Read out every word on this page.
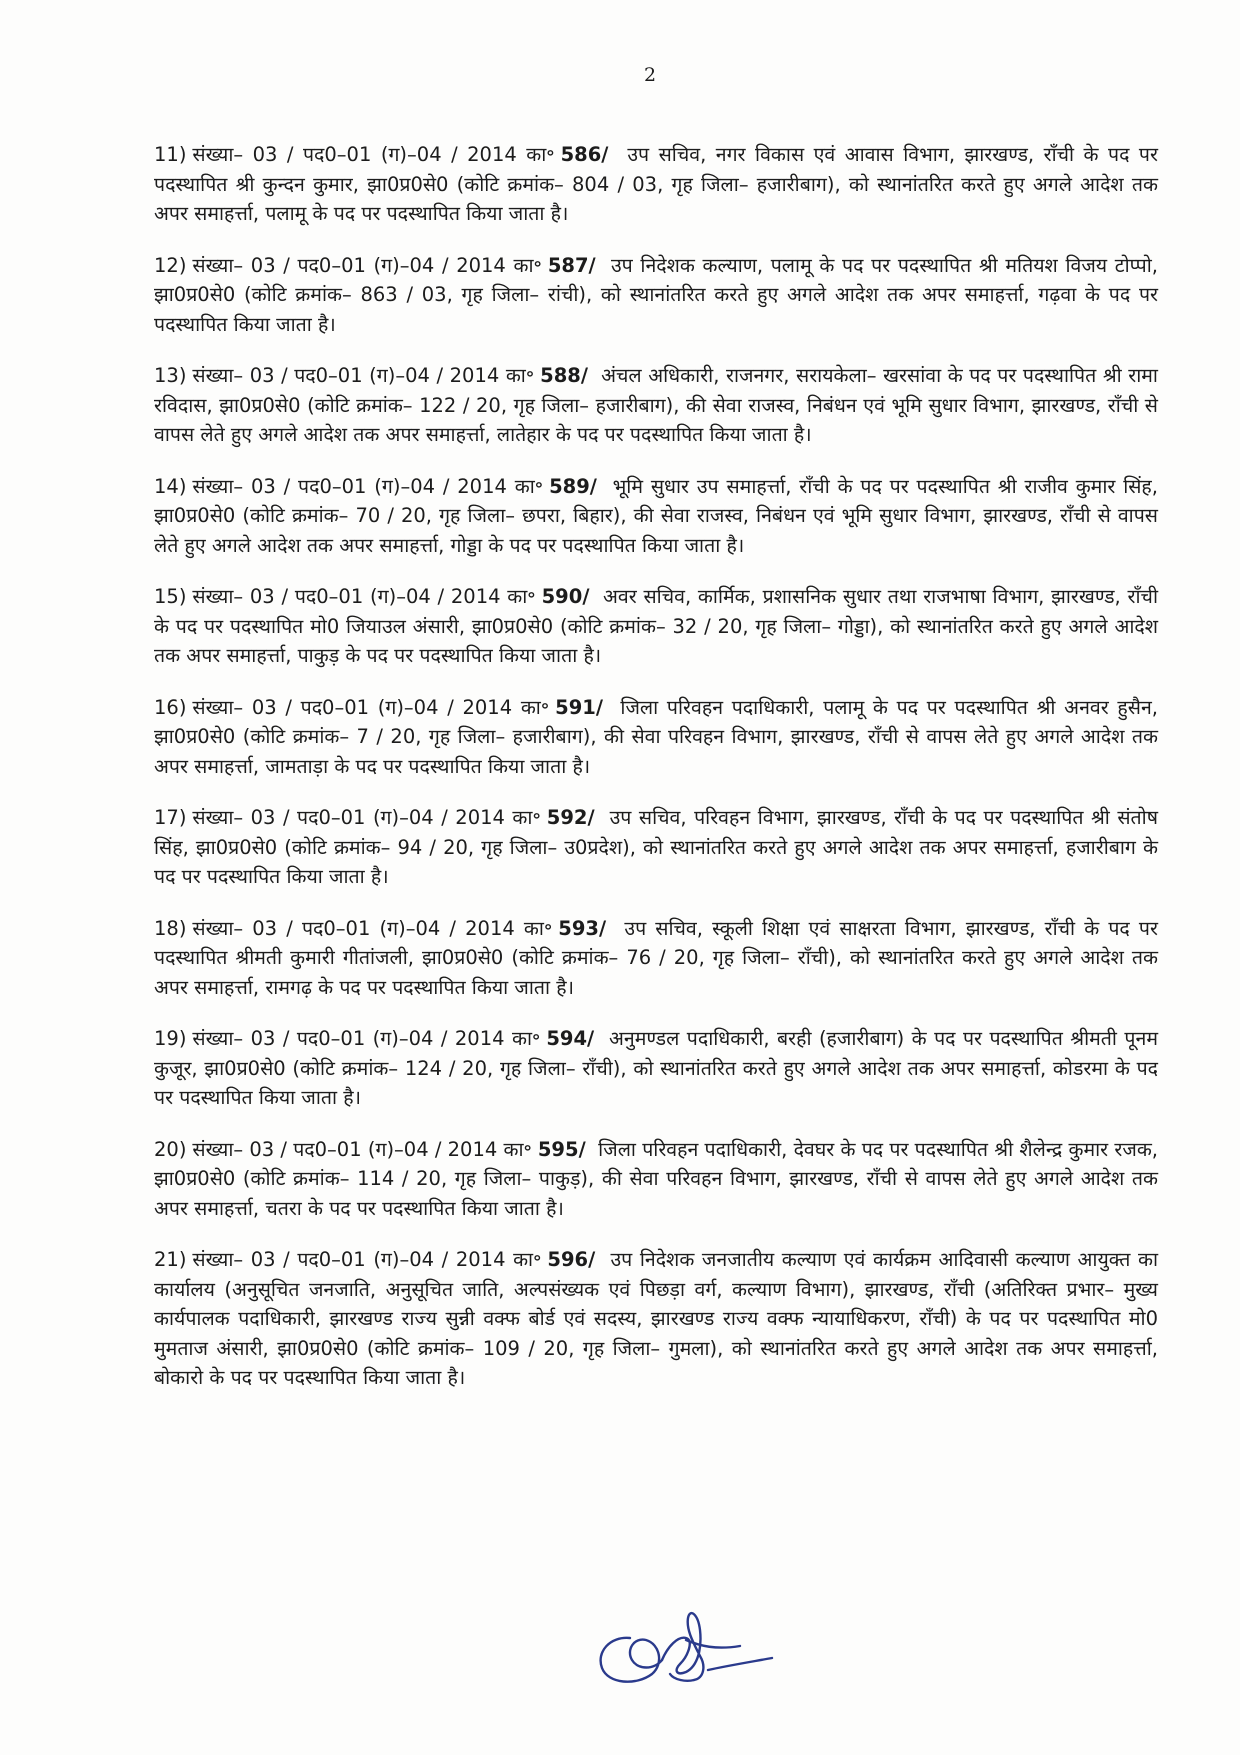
2

11) संख्या– 03 / पद0–01 (ग)–04 / 2014 का॰ 586/ उप सचिव, नगर विकास एवं आवास विभाग, झारखण्ड, राँची के पद पर पदस्थापित श्री कुन्दन कुमार, झा0प्र0से0 (कोटि क्रमांक– 804 / 03, गृह जिला– हजारीबाग), को स्थानांतरित करते हुए अगले आदेश तक अपर समाहर्त्ता, पलामू के पद पर पदस्थापित किया जाता है।

12) संख्या– 03 / पद0–01 (ग)–04 / 2014 का॰ 587/ उप निदेशक कल्याण, पलामू के पद पर पदस्थापित श्री मतियश विजय टोप्पो, झा0प्र0से0 (कोटि क्रमांक– 863 / 03, गृह जिला– रांची), को स्थानांतरित करते हुए अगले आदेश तक अपर समाहर्त्ता, गढ़वा के पद पर पदस्थापित किया जाता है।

13) संख्या– 03 / पद0–01 (ग)–04 / 2014 का॰ 588/ अंचल अधिकारी, राजनगर, सरायकेला– खरसांवा के पद पर पदस्थापित श्री रामा रविदास, झा0प्र0से0 (कोटि क्रमांक– 122 / 20, गृह जिला– हजारीबाग), की सेवा राजस्व, निबंधन एवं भूमि सुधार विभाग, झारखण्ड, राँची से वापस लेते हुए अगले आदेश तक अपर समाहर्त्ता, लातेहार के पद पर पदस्थापित किया जाता है।

14) संख्या– 03 / पद0–01 (ग)–04 / 2014 का॰ 589/ भूमि सुधार उप समाहर्त्ता, राँची के पद पर पदस्थापित श्री राजीव कुमार सिंह, झा0प्र0से0 (कोटि क्रमांक– 70 / 20, गृह जिला– छपरा, बिहार), की सेवा राजस्व, निबंधन एवं भूमि सुधार विभाग, झारखण्ड, राँची से वापस लेते हुए अगले आदेश तक अपर समाहर्त्ता, गोड्डा के पद पर पदस्थापित किया जाता है।

15) संख्या– 03 / पद0–01 (ग)–04 / 2014 का॰ 590/ अवर सचिव, कार्मिक, प्रशासनिक सुधार तथा राजभाषा विभाग, झारखण्ड, राँची के पद पर पदस्थापित मो0 जियाउल अंसारी, झा0प्र0से0 (कोटि क्रमांक– 32 / 20, गृह जिला– गोड्डा), को स्थानांतरित करते हुए अगले आदेश तक अपर समाहर्त्ता, पाकुड़ के पद पर पदस्थापित किया जाता है।

16) संख्या– 03 / पद0–01 (ग)–04 / 2014 का॰ 591/ जिला परिवहन पदाधिकारी, पलामू के पद पर पदस्थापित श्री अनवर हुसैन, झा0प्र0से0 (कोटि क्रमांक– 7 / 20, गृह जिला– हजारीबाग), की सेवा परिवहन विभाग, झारखण्ड, राँची से वापस लेते हुए अगले आदेश तक अपर समाहर्त्ता, जामताड़ा के पद पर पदस्थापित किया जाता है।

17) संख्या– 03 / पद0–01 (ग)–04 / 2014 का॰ 592/ उप सचिव, परिवहन विभाग, झारखण्ड, राँची के पद पर पदस्थापित श्री संतोष सिंह, झा0प्र0से0 (कोटि क्रमांक– 94 / 20, गृह जिला– उ0प्रदेश), को स्थानांतरित करते हुए अगले आदेश तक अपर समाहर्त्ता, हजारीबाग के पद पर पदस्थापित किया जाता है।

18) संख्या– 03 / पद0–01 (ग)–04 / 2014 का॰ 593/ उप सचिव, स्कूली शिक्षा एवं साक्षरता विभाग, झारखण्ड, राँची के पद पर पदस्थापित श्रीमती कुमारी गीतांजली, झा0प्र0से0 (कोटि क्रमांक– 76 / 20, गृह जिला– राँची), को स्थानांतरित करते हुए अगले आदेश तक अपर समाहर्त्ता, रामगढ़ के पद पर पदस्थापित किया जाता है।

19) संख्या– 03 / पद0–01 (ग)–04 / 2014 का॰ 594/ अनुमण्डल पदाधिकारी, बरही (हजारीबाग) के पद पर पदस्थापित श्रीमती पूनम कुजूर, झा0प्र0से0 (कोटि क्रमांक– 124 / 20, गृह जिला– राँची), को स्थानांतरित करते हुए अगले आदेश तक अपर समाहर्त्ता, कोडरमा के पद पर पदस्थापित किया जाता है।

20) संख्या– 03 / पद0–01 (ग)–04 / 2014 का॰ 595/ जिला परिवहन पदाधिकारी, देवघर के पद पर पदस्थापित श्री शैलेन्द्र कुमार रजक, झा0प्र0से0 (कोटि क्रमांक– 114 / 20, गृह जिला– पाकुड़), की सेवा परिवहन विभाग, झारखण्ड, राँची से वापस लेते हुए अगले आदेश तक अपर समाहर्त्ता, चतरा के पद पर पदस्थापित किया जाता है।

21) संख्या– 03 / पद0–01 (ग)–04 / 2014 का॰ 596/ उप निदेशक जनजातीय कल्याण एवं कार्यक्रम आदिवासी कल्याण आयुक्त का कार्यालय (अनुसूचित जनजाति, अनुसूचित जाति, अल्पसंख्यक एवं पिछड़ा वर्ग, कल्याण विभाग), झारखण्ड, राँची (अतिरिक्त प्रभार– मुख्य कार्यपालक पदाधिकारी, झारखण्ड राज्य सुन्नी वक्फ बोर्ड एवं सदस्य, झारखण्ड राज्य वक्फ न्यायाधिकरण, राँची) के पद पर पदस्थापित मो0 मुमताज अंसारी, झा0प्र0से0 (कोटि क्रमांक– 109 / 20, गृह जिला– गुमला), को स्थानांतरित करते हुए अगले आदेश तक अपर समाहर्त्ता, बोकारो के पद पर पदस्थापित किया जाता है।
